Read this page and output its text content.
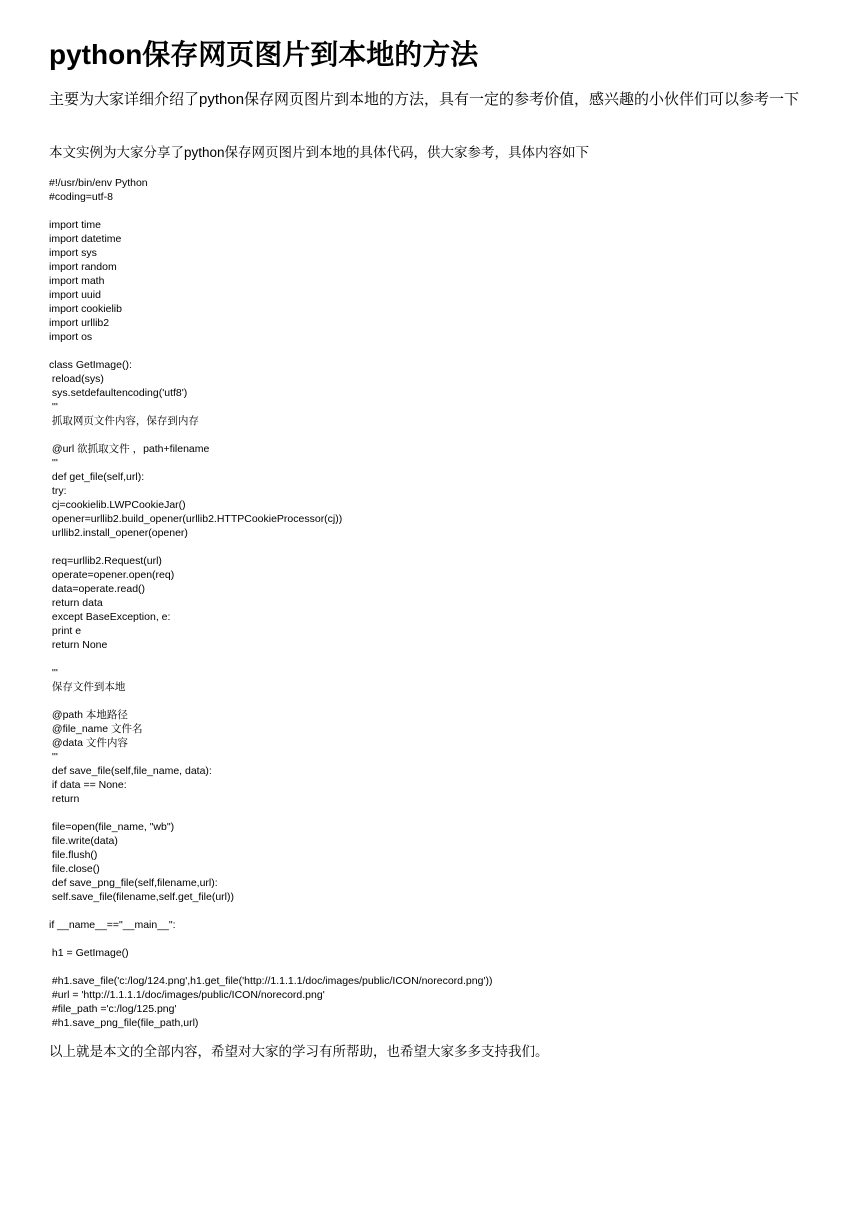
python保存网页图片到本地的方法

主要为大家详细介绍了python保存网页图片到本地的方法，具有一定的参考价值，感兴趣的小伙伴们可以参考一下

本文实例为大家分享了python保存网页图片到本地的具体代码，供大家参考，具体内容如下

#!/usr/bin/env Python
#coding=utf-8
import time
import datetime
import sys
import random
import math
import uuid
import cookielib
import urllib2
import os
class GetImage():
reload(sys)
sys.setdefaultencoding('utf8')
'''
抓取网页文件内容，保存到内存
@url 欲抓取文件 ，path+filename
'''
def get_file(self,url):
try:
cj=cookielib.LWPCookieJar()
opener=urllib2.build_opener(urllib2.HTTPCookieProcessor(cj))
urllib2.install_opener(opener)
req=urllib2.Request(url)
operate=opener.open(req)
data=operate.read()
return data
except BaseException, e:
print e
return None
'''
保存文件到本地
@path 本地路径
@file_name 文件名
@data 文件内容
'''
def save_file(self,file_name, data):
if data == None:
return
file=open(file_name, "wb")
file.write(data)
file.flush()
file.close()
def save_png_file(self,filename,url):
self.save_file(filename,self.get_file(url))
if __name__=="__main__":
h1 = GetImage()
#h1.save_file('c:/log/124.png',h1.get_file('http://1.1.1.1/doc/images/public/ICON/norecord.png'))
#url = 'http://1.1.1.1/doc/images/public/ICON/norecord.png'
#file_path ='c:/log/125.png'
#h1.save_png_file(file_path,url)

以上就是本文的全部内容，希望对大家的学习有所帮助，也希望大家多多支持我们。
